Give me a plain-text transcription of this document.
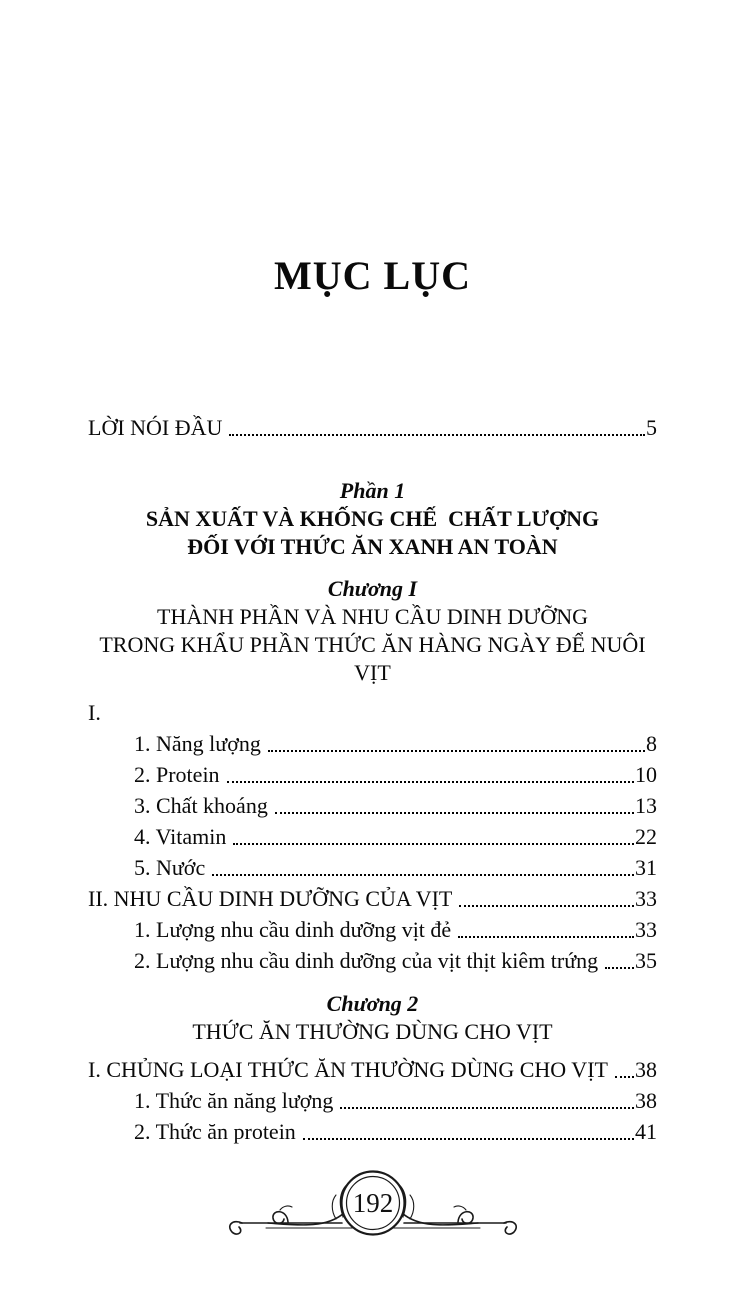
MỤC LỤC
LỜI NÓI ĐẦU	5
Phần 1
SẢN XUẤT VÀ KHỐNG CHẾ  CHẤT LƯỢNG
ĐỐI VỚI THỨC ĂN XANH AN TOÀN
Chương I
THÀNH PHẦN VÀ NHU CẦU DINH DƯỠNG
TRONG KHẨU PHẦN THỨC ĂN HÀNG NGÀY ĐỂ NUÔI VỊT
I.
1. Năng lượng	8
2. Protein	10
3. Chất khoáng	13
4. Vitamin	22
5. Nước	31
II. NHU CẦU DINH DƯỠNG CỦA VỊT	33
1. Lượng nhu cầu dinh dưỡng vịt đẻ	33
2. Lượng nhu cầu dinh dưỡng của vịt thịt kiêm trứng 35
Chương 2
THỨC ĂN THƯỜNG DÙNG CHO VỊT
I. CHỦNG LOẠI THỨC ĂN THƯỜNG DÙNG CHO VỊT 38
1. Thức ăn năng lượng	38
2. Thức ăn protein	41
192
